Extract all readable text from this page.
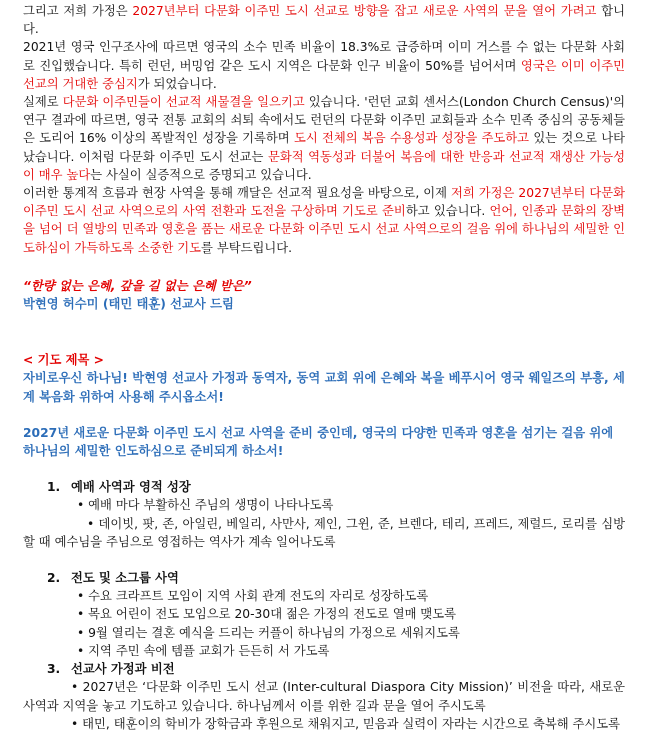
그리고 저희 가정은 2027년부터 다문화 이주민 도시 선교로 방향을 잡고 새로운 사역의 문을 열어 가려고 합니다.

2021년 영국 인구조사에 따르면 영국의 소수 민족 비율이 18.3%로 급증하며 이미 거스를 수 없는 다문화 사회로 진입했습니다. 특히 런던, 버밍엄 같은 도시 지역은 다문화 인구 비율이 50%를 넘어서며 영국은 이미 이주민 선교의 거대한 중심지가 되었습니다.

실제로 다문화 이주민들이 선교적 새물결을 일으키고 있습니다. '런던 교회 센서스(London Church Census)'의 연구 결과에 따르면, 영국 전통 교회의 쇠퇴 속에서도 런던의 다문화 이주민 교회들과 소수 민족 중심의 공동체들은 도리어 16% 이상의 폭발적인 성장을 기록하며 도시 전체의 복음 수용성과 성장을 주도하고 있는 것으로 나타났습니다. 이처럼 다문화 이주민 도시 선교는 문화적 역동성과 더불어 복음에 대한 반응과 선교적 재생산 가능성이 매우 높다는 사실이 실증적으로 증명되고 있습니다.

이러한 통계적 흐름과 현장 사역을 통해 깨달은 선교적 필요성을 바탕으로, 이제 저희 가정은 2027년부터 다문화 이주민 도시 선교 사역으로의 사역 전환과 도전을 구상하며 기도로 준비하고 있습니다. 언어, 인종과 문화의 장벽을 넘어 더 열방의 민족과 영혼을 품는 새로운 다문화 이주민 도시 선교 사역으로의 걸음 위에 하나님의 세밀한 인도하심이 가득하도록 소중한 기도를 부탁드립니다.

“한량 없는 은혜, 갚을 길 없는 은혜 받은”
박현영 허수미 (태민 태훈) 선교사 드림
< 기도 제목 >
자비로우신 하나님! 박현영 선교사 가정과 동역자, 동역 교회 위에 은혜와 복을 베푸시어 영국 웨일즈의 부흥, 세계 복음화 위하여 사용해 주시옵소서!
2027년 새로운 다문화 이주민 도시 선교 사역을 준비 중인데, 영국의 다양한 민족과 영혼을 섬기는 걸음 위에 하나님의 세밀한 인도하심으로 준비되게 하소서!
1. 예배 사역과 영적 성장
• 예배 마다 부활하신 주님의 생명이 나타나도록
• 데이빗, 팟, 존, 아일린, 베일리, 사만사, 제인, 그윈, 준, 브렌다, 테리, 프레드, 제럴드, 로리를 심방 할 때 예수님을 주님으로 영접하는 역사가 계속 일어나도록
2. 전도 및 소그룹 사역
• 수요 크라프트 모임이 지역 사회 관계 전도의 자리로 성장하도록
• 목요 어린이 전도 모임으로 20-30대 젊은 가정의 전도로 열매 맺도록
• 9월 열리는 결혼 예식을 드리는 커플이 하나님의 가정으로 세워지도록
• 지역 주민 속에 템플 교회가 든든히 서 가도록
3. 선교사 가정과 비전
• 2027년은 ‘다문화 이주민 도시 선교 (Inter-cultural Diaspora City Mission)’ 비전을 따라, 새로운 사역과 지역을 놓고 기도하고 있습니다. 하나님께서 이를 위한 길과 문을 열어 주시도록
• 태민, 태훈이의 학비가 장학금과 후원으로 채워지고, 믿음과 실력이 자라는 시간으로 축복해 주시도록
